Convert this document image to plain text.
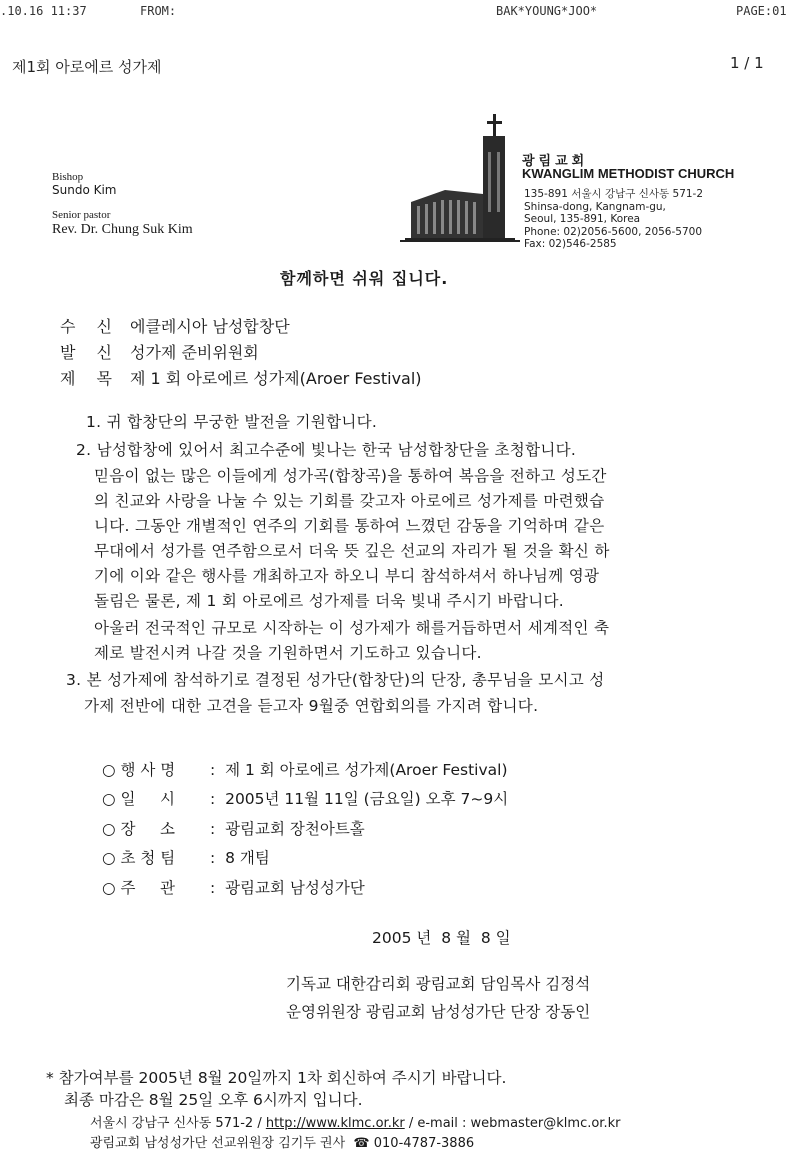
.10.16 11:37	FROM:	BAK*YOUNG*JOO*	PAGE:01
제1회 아로에르 성가제	1 / 1
Bishop
Sundo Kim
Senior pastor
Rev. Dr. Chung Suk Kim
광림교회
KWANGLIM METHODIST CHURCH
135-891 서울시 강남구 신사동 571-2
Shinsa-dong, Kangnam-gu,
Seoul, 135-891, Korea
Phone: 02)2056-5600, 2056-5700
Fax: 02)546-2585
함께하면 쉬워 집니다.
수 신 에클레시아 남성합창단
발 신 성가제 준비위원회
제 목 제 1 회 아로에르 성가제(Aroer Festival)
1. 귀 합창단의 무궁한 발전을 기원합니다.
2. 남성합창에 있어서 최고수준에 빛나는 한국 남성합창단을 초청합니다.
믿음이 없는 많은 이들에게 성가곡(합창곡)을 통하여 복음을 전하고 성도간
의 친교와 사랑을 나눌 수 있는 기회를 갖고자 아로에르 성가제를 마련했습
니다. 그동안 개별적인 연주의 기회를 통하여 느꼈던 감동을 기억하며 같은
무대에서 성가를 연주함으로서 더욱 뜻 깊은 선교의 자리가 될 것을 확신 하
기에 이와 같은 행사를 개최하고자 하오니 부디 참석하셔서 하나님께 영광
돌림은 물론, 제 1 회 아로에르 성가제를 더욱 빛내 주시기 바랍니다.
아울러 전국적인 규모로 시작하는 이 성가제가 해를거듭하면서 세계적인 축
제로 발전시켜 나갈 것을 기원하면서 기도하고 있습니다.
3. 본 성가제에 참석하기로 결정된 성가단(합창단)의 단장, 총무님을 모시고 성
가제 전반에 대한 고견을 듣고자 9월중 연합회의를 가지려 합니다.
○ 행 사 명 :  제 1 회 아로에르 성가제(Aroer Festival)
○ 일     시 :  2005년 11월 11일 (금요일) 오후 7~9시
○ 장     소 :  광림교회 장천아트홀
○ 초 청 팀 :  8 개팀
○ 주     관 :  광림교회 남성성가단
2005 년  8 월  8 일
기독교 대한감리회 광림교회 담임목사 김정석
운영위원장 광림교회 남성성가단 단장 장동인
* 참가여부를 2005년 8월 20일까지 1차 회신하여 주시기 바랍니다.
최종 마감은 8월 25일 오후 6시까지 입니다.
서울시 강남구 신사동 571-2 / http://www.klmc.or.kr / e-mail : webmaster@klmc.or.kr
광림교회 남성성가단 선교위원장 김기두 권사 ☎ 010-4787-3886
